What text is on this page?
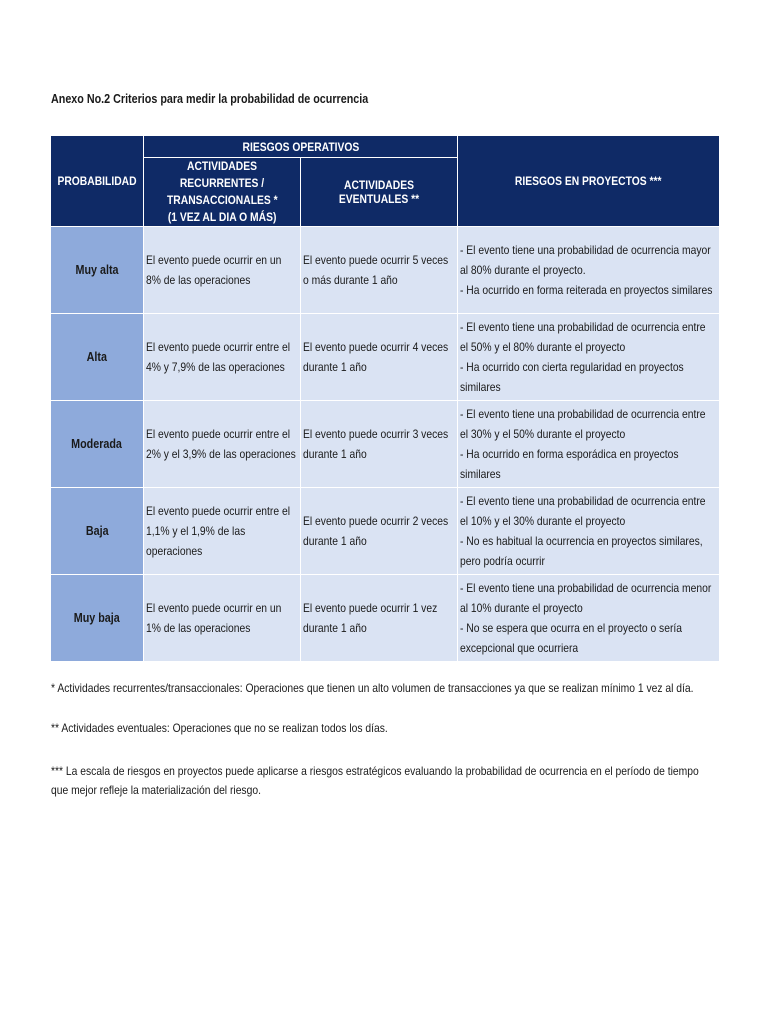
Anexo No.2 Criterios para medir la probabilidad de ocurrencia
PROBABILIDAD	RIESGOS OPERATIVOS		RIESGOS EN PROYECTOS ***

	ACTIVIDADES RECURRENTES /
TRANSACCIONALES *
(1 VEZ AL DIA O MÁS)	ACTIVIDADES EVENTUALES **	
Muy alta	El evento puede ocurrir en un 8% de las operaciones	El evento puede ocurrir 5 veces o más durante 1 año	- El evento tiene una probabilidad de ocurrencia mayor al 80% durante el proyecto.
- Ha ocurrido en forma reiterada en proyectos similares
Alta	El evento puede ocurrir entre el 4% y 7,9% de las operaciones	El evento puede ocurrir 4 veces durante 1 año	- El evento tiene una probabilidad de ocurrencia entre el 50% y el 80% durante el proyecto
- Ha ocurrido con cierta regularidad en proyectos similares
Moderada	El evento puede ocurrir entre el 2% y el 3,9% de las operaciones	El evento puede ocurrir 3 veces durante 1 año	- El evento tiene una probabilidad de ocurrencia entre el 30% y el 50% durante el proyecto
- Ha ocurrido en forma esporádica en proyectos similares
Baja	El evento puede ocurrir entre el 1,1% y el 1,9% de las operaciones	El evento puede ocurrir 2 veces durante 1 año	- El evento tiene una probabilidad de ocurrencia entre el 10% y el 30% durante el proyecto
- No es habitual la ocurrencia en proyectos similares, pero podría ocurrir
Muy baja	El evento puede ocurrir en un 1% de las operaciones	El evento puede ocurrir 1 vez durante 1 año	- El evento tiene una probabilidad de ocurrencia menor al 10% durante el proyecto
- No se espera que ocurra en el proyecto o sería excepcional que ocurriera
* Actividades recurrentes/transaccionales: Operaciones que tienen un alto volumen de transacciones ya que se realizan mínimo 1 vez al día.
** Actividades eventuales: Operaciones que no se realizan todos los días.
*** La escala de riesgos en proyectos puede aplicarse a riesgos estratégicos evaluando la probabilidad de ocurrencia en el período de tiempo que mejor refleje la materialización del riesgo.
